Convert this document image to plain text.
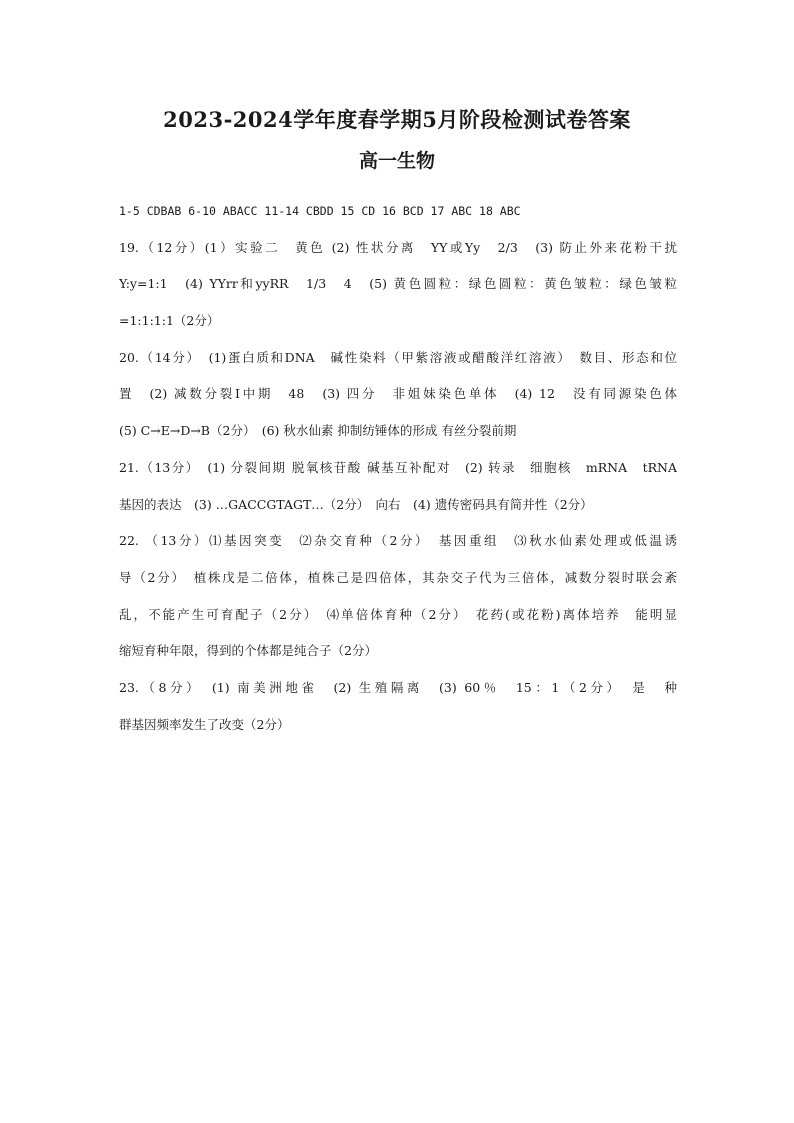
2023-2024学年度春学期5月阶段检测试卷答案
高一生物
1-5 CDBAB 6-10 ABACC 11-14 CBDD 15 CD 16 BCD 17 ABC 18 ABC
19.（12分）(1）实验二　黄色 (2) 性状分离　YY或Yy　2/3　(3) 防止外来花粉干扰
Y:y=1:1　(4) YYrr和yyRR　1/3　4　(5) 黄色圆粒：绿色圆粒：黄色皱粒：绿色皱粒
=1:1:1:1（2分）
20.（14分）　(1)蛋白质和DNA　碱性染料（甲紫溶液或醋酸洋红溶液）　数目、形态和位
置　(2) 减数分裂Ⅰ中期　48　(3) 四分　非姐妹染色单体　(4) 12　没有同源染色体
(5) C→E→D→B（2分）　(6) 秋水仙素 抑制纺锤体的形成 有丝分裂前期
21.（13分）　(1) 分裂间期 脱氧核苷酸 碱基互补配对　(2) 转录　细胞核　mRNA　tRNA
基因的表达　(3) …GACCGTAGT…（2分）　向右　(4) 遗传密码具有简并性（2分）
22. （13分）⑴基因突变　⑵杂交育种（2分）　基因重组　⑶秋水仙素处理或低温诱
导（2分）　植株戊是二倍体，植株己是四倍体，其杂交子代为三倍体，减数分裂时联会紊
乱，不能产生可育配子（2分）　⑷单倍体育种（2分）　花药(或花粉)离体培养　能明显
缩短育种年限，得到的个体都是纯合子（2分）
23.（8分）　(1) 南美洲地雀　(2) 生殖隔离　(3) 60％　15：1（2分）　是　种
群基因频率发生了改变（2分）
